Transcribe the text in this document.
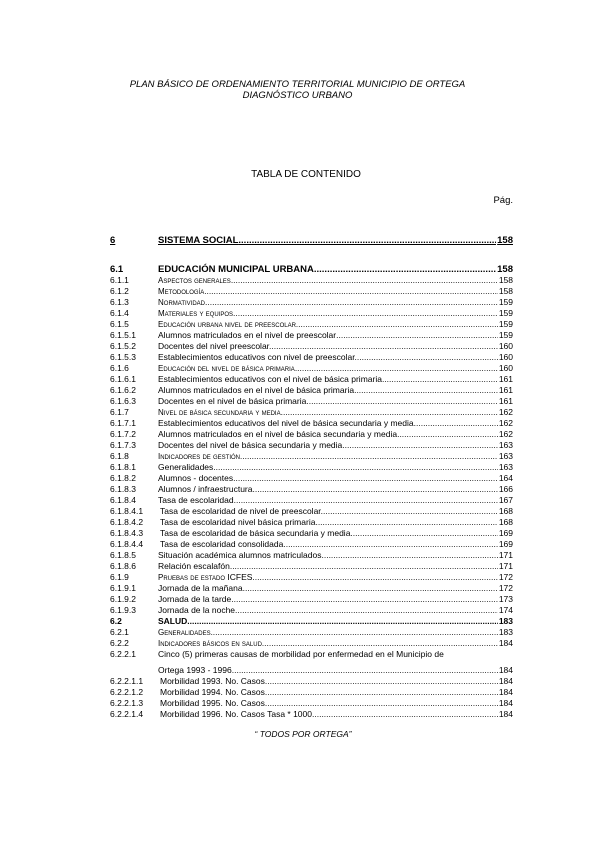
PLAN BÁSICO DE ORDENAMIENTO TERRITORIAL MUNICIPIO DE ORTEGA
DIAGNÓSTICO URBANO
TABLA DE CONTENIDO
Pág.
6	SISTEMA SOCIAL .....	158
6.1	EDUCACIÓN MUNICIPAL URBANA .....	158
6.1.1	Aspectos generales .....	158
6.1.2	Metodología. .....	158
6.1.3	Normatividad .....	159
6.1.4	Materiales y equipos .....	159
6.1.5	Educación urbana nivel de preescolar. .....	159
6.1.5.1	Alumnos matriculados en el nivel de preescolar .....	159
6.1.5.2	Docentes del nivel preescolar. .....	160
6.1.5.3	Establecimientos educativos con nivel de preescolar. .....	160
6.1.6	Educación del nivel de básica primaria .....	160
6.1.6.1	Establecimientos educativos con el nivel de básica primaria. .....	161
6.1.6.2	Alumnos matriculados en el nivel de básica primaria .....	161
6.1.6.3	Docentes en el nivel de básica primaria .....	161
6.1.7	Nivel de básica secundaria y media .....	162
6.1.7.1	Establecimientos educativos del nivel de básica secundaria y media. .....	162
6.1.7.2	Alumnos matriculados en el nivel de básica secundaria y media .....	162
6.1.7.3	Docentes del nivel de básica secundaria y media. .....	163
6.1.8	Indicadores de gestión. .....	163
6.1.8.1	Generalidades .....	163
6.1.8.2	Alumnos - docentes. .....	164
6.1.8.3	Alumnos / infraestructura. .....	166
6.1.8.4	Tasa de escolaridad .....	167
6.1.8.4.1	Tasa de escolaridad de nivel de preescolar. .....	168
6.1.8.4.2	Tasa de escolaridad nivel básica primaria. .....	168
6.1.8.4.3	Tasa de escolaridad de básica secundaria y media .....	169
6.1.8.4.4	Tasa de escolaridad consolidada. .....	169
6.1.8.5	Situación académica alumnos matriculados .....	171
6.1.8.6	Relación escalafón .....	171
6.1.9	Pruebas de estado ICFES. .....	172
6.1.9.1	Jornada de la mañana. .....	172
6.1.9.2	Jornada de la tarde. .....	173
6.1.9.3	Jornada de la noche .....	174
6.2	SALUD .....	183
6.2.1	Generalidades. .....	183
6.2.2	Indicadores básicos en salud. .....	184
6.2.2.1	Cinco (5) primeras causas de morbilidad por enfermedad en el Municipio de
Ortega 1993 - 1996. .....	184
6.2.2.1.1	Morbilidad 1993. No. Casos .....	184
6.2.2.1.2	Morbilidad 1994. No. Casos .....	184
6.2.2.1.3	Morbilidad 1995. No. Casos .....	184
6.2.2.1.4	Morbilidad 1996. No. Casos Tasa * 1000 .....	184
“ TODOS POR ORTEGA”
